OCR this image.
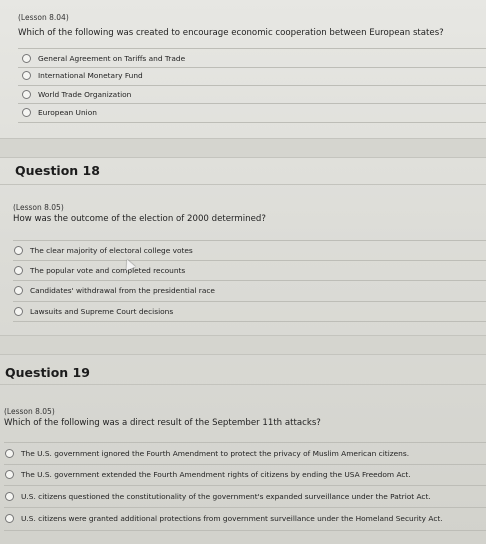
(Lesson 8.04)
Which of the following was created to encourage economic cooperation between European states?
General Agreement on Tariffs and Trade
International Monetary Fund
World Trade Organization
European Union
Question 18
(Lesson 8.05)
How was the outcome of the election of 2000 determined?
The clear majority of electoral college votes
The popular vote and completed recounts
Candidates' withdrawal from the presidential race
Lawsuits and Supreme Court decisions
Question 19
(Lesson 8.05)
Which of the following was a direct result of the September 11th attacks?
The U.S. government ignored the Fourth Amendment to protect the privacy of Muslim American citizens.
The U.S. government extended the Fourth Amendment rights of citizens by ending the USA Freedom Act.
U.S. citizens questioned the constitutionality of the government's expanded surveillance under the Patriot Act.
U.S. citizens were granted additional protections from government surveillance under the Homeland Security Act.
